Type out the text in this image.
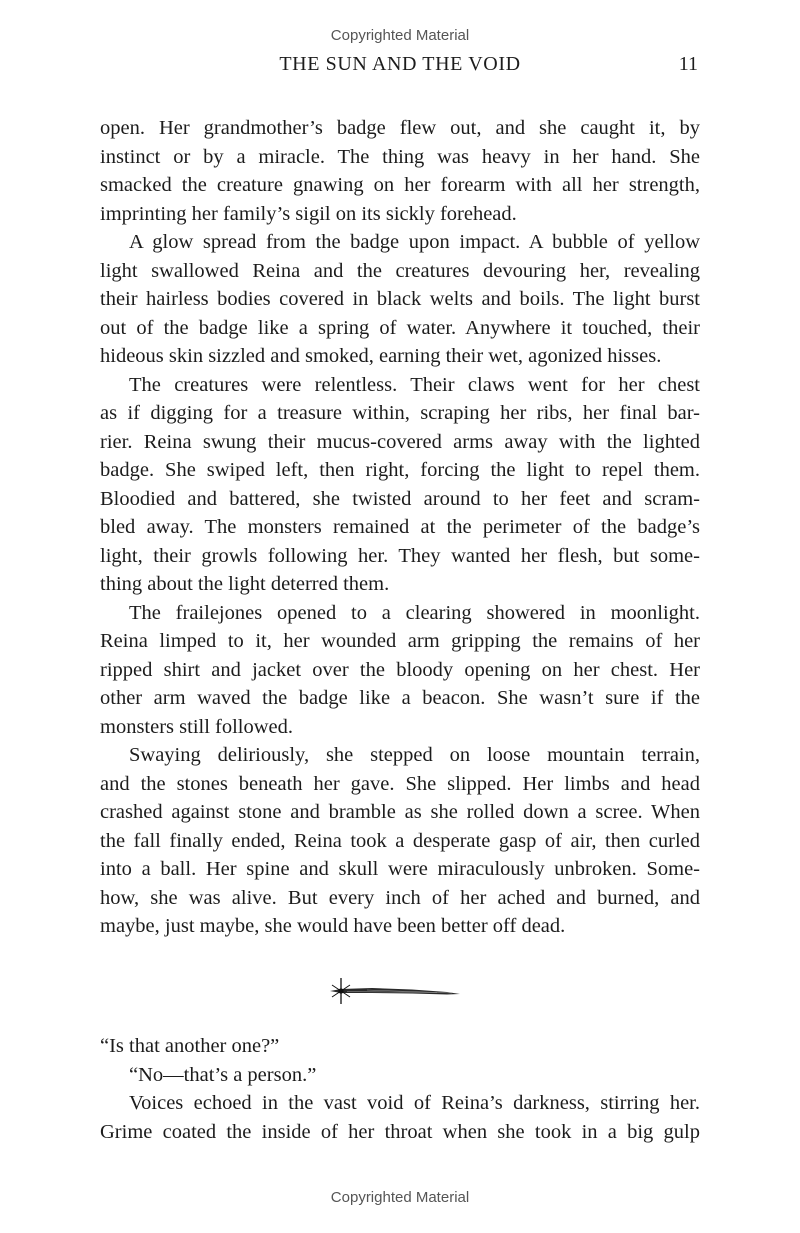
Copyrighted Material
THE SUN AND THE VOID	11
open. Her grandmother’s badge flew out, and she caught it, by
instinct or by a miracle. The thing was heavy in her hand. She
smacked the creature gnawing on her forearm with all her strength,
imprinting her family’s sigil on its sickly forehead.
A glow spread from the badge upon impact. A bubble of yellow
light swallowed Reina and the creatures devouring her, revealing
their hairless bodies covered in black welts and boils. The light burst
out of the badge like a spring of water. Anywhere it touched, their
hideous skin sizzled and smoked, earning their wet, agonized hisses.
The creatures were relentless. Their claws went for her chest
as if digging for a treasure within, scraping her ribs, her final bar-
rier. Reina swung their mucus-covered arms away with the lighted
badge. She swiped left, then right, forcing the light to repel them.
Bloodied and battered, she twisted around to her feet and scram-
bled away. The monsters remained at the perimeter of the badge’s
light, their growls following her. They wanted her flesh, but some-
thing about the light deterred them.
The frailejones opened to a clearing showered in moonlight.
Reina limped to it, her wounded arm gripping the remains of her
ripped shirt and jacket over the bloody opening on her chest. Her
other arm waved the badge like a beacon. She wasn’t sure if the
monsters still followed.
Swaying deliriously, she stepped on loose mountain terrain,
and the stones beneath her gave. She slipped. Her limbs and head
crashed against stone and bramble as she rolled down a scree. When
the fall finally ended, Reina took a desperate gasp of air, then curled
into a ball. Her spine and skull were miraculously unbroken. Some-
how, she was alive. But every inch of her ached and burned, and
maybe, just maybe, she would have been better off dead.
“Is that another one?”
“No—that’s a person.”
Voices echoed in the vast void of Reina’s darkness, stirring her.
Grime coated the inside of her throat when she took in a big gulp
Copyrighted Material
